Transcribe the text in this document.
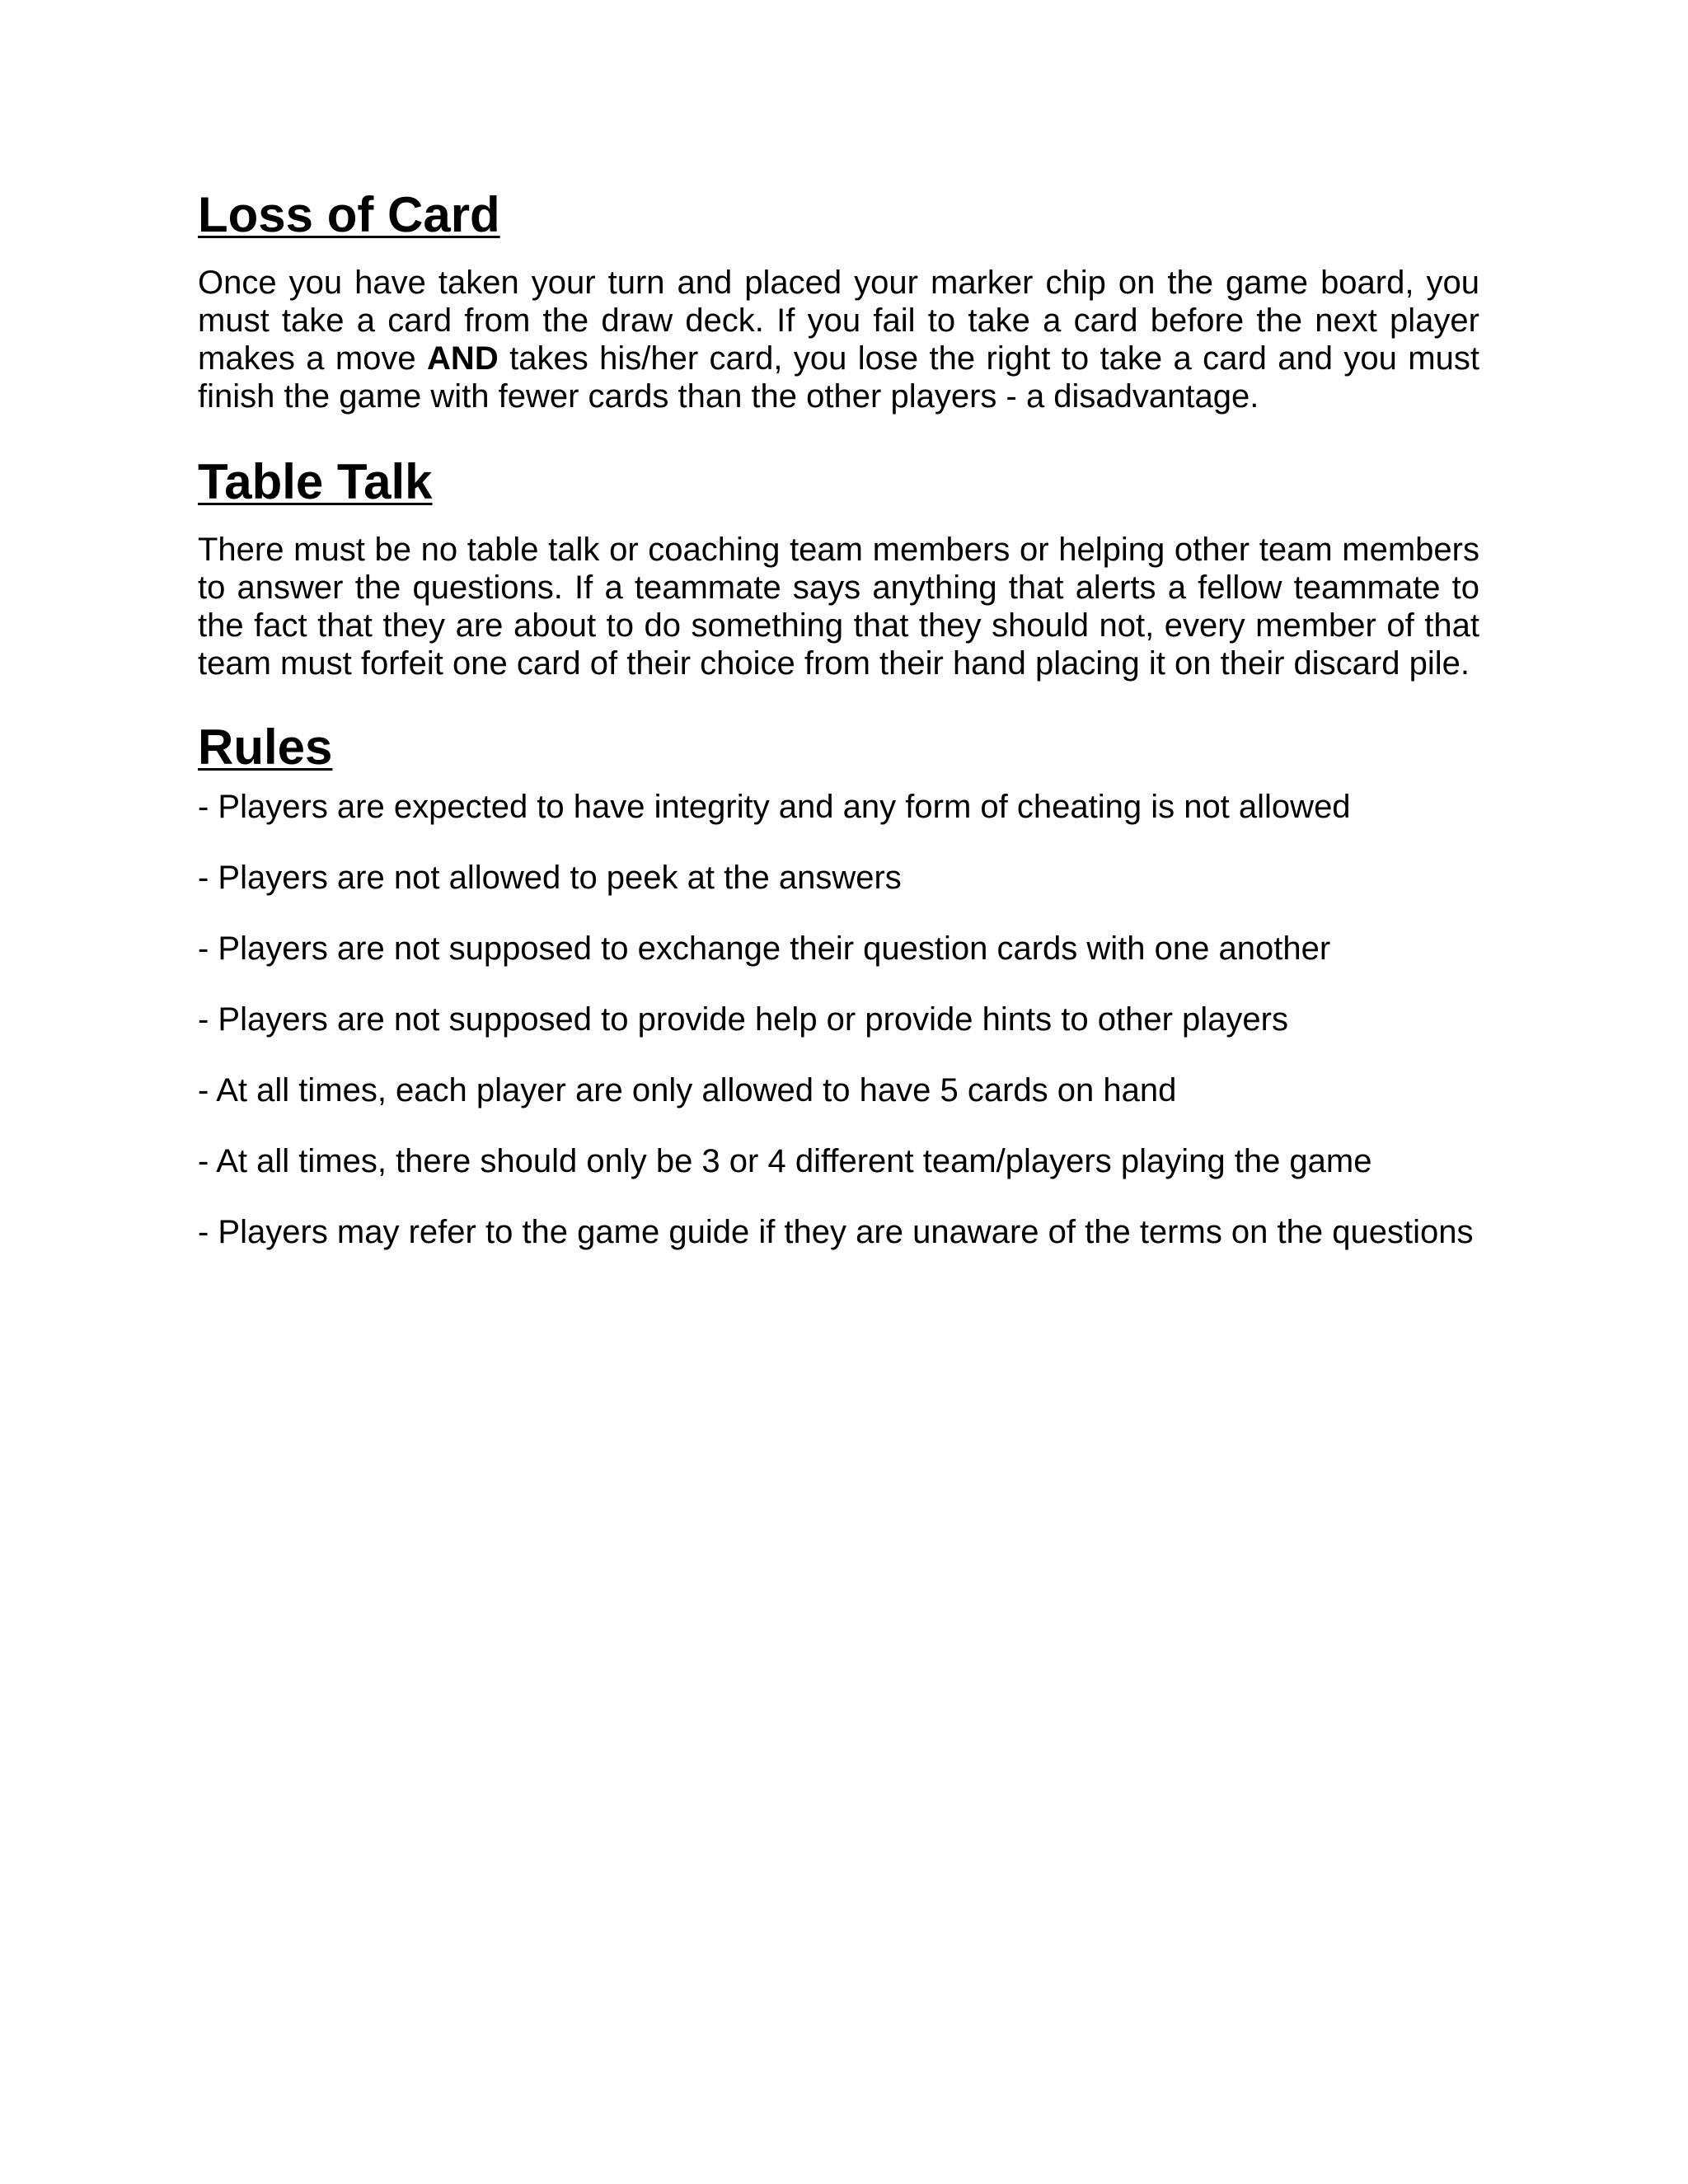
Loss of Card

Once you have taken your turn and placed your marker chip on the game board, you must take a card from the draw deck. If you fail to take a card before the next player makes a move AND takes his/her card, you lose the right to take a card and you must finish the game with fewer cards than the other players - a disadvantage.

Table Talk

There must be no table talk or coaching team members or helping other team members to answer the questions. If a teammate says anything that alerts a fellow teammate to the fact that they are about to do something that they should not, every member of that team must forfeit one card of their choice from their hand placing it on their discard pile.

Rules
- Players are expected to have integrity and any form of cheating is not allowed
- Players are not allowed to peek at the answers
- Players are not supposed to exchange their question cards with one another
- Players are not supposed to provide help or provide hints to other players
- At all times, each player are only allowed to have 5 cards on hand
- At all times, there should only be 3 or 4 different team/players playing the game
- Players may refer to the game guide if they are unaware of the terms on the questions
